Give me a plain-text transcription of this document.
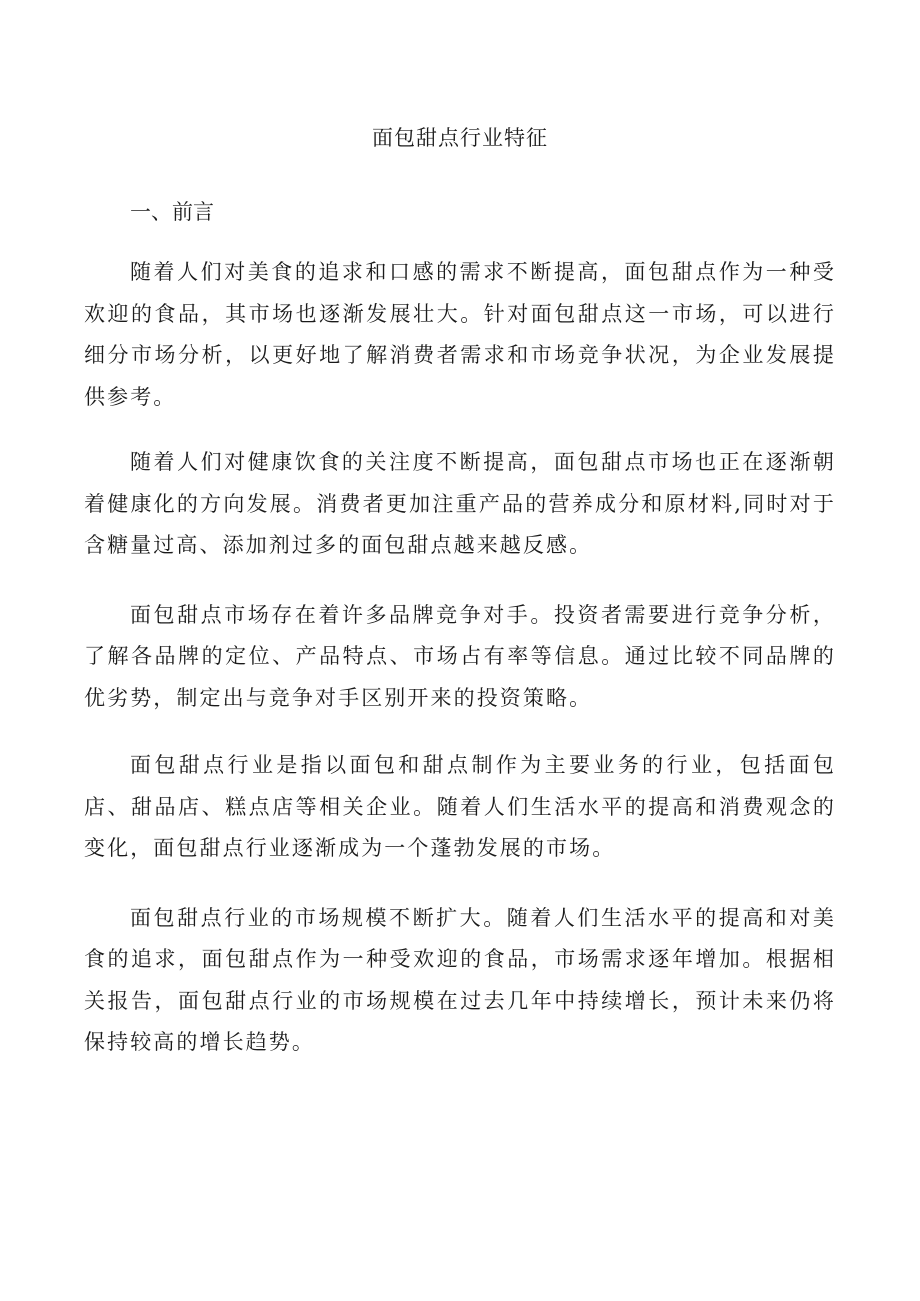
面包甜点行业特征
一、前言

随着人们对美食的追求和口感的需求不断提高，面包甜点作为一种受欢迎的食品，其市场也逐渐发展壮大。针对面包甜点这一市场，可以进行细分市场分析，以更好地了解消费者需求和市场竞争状况，为企业发展提供参考。

随着人们对健康饮食的关注度不断提高，面包甜点市场也正在逐渐朝着健康化的方向发展。消费者更加注重产品的营养成分和原材料,同时对于含糖量过高、添加剂过多的面包甜点越来越反感。

面包甜点市场存在着许多品牌竞争对手。投资者需要进行竞争分析，了解各品牌的定位、产品特点、市场占有率等信息。通过比较不同品牌的优劣势，制定出与竞争对手区别开来的投资策略。

面包甜点行业是指以面包和甜点制作为主要业务的行业，包括面包店、甜品店、糕点店等相关企业。随着人们生活水平的提高和消费观念的变化，面包甜点行业逐渐成为一个蓬勃发展的市场。

面包甜点行业的市场规模不断扩大。随着人们生活水平的提高和对美食的追求，面包甜点作为一种受欢迎的食品，市场需求逐年增加。根据相关报告，面包甜点行业的市场规模在过去几年中持续增长，预计未来仍将保持较高的增长趋势。
